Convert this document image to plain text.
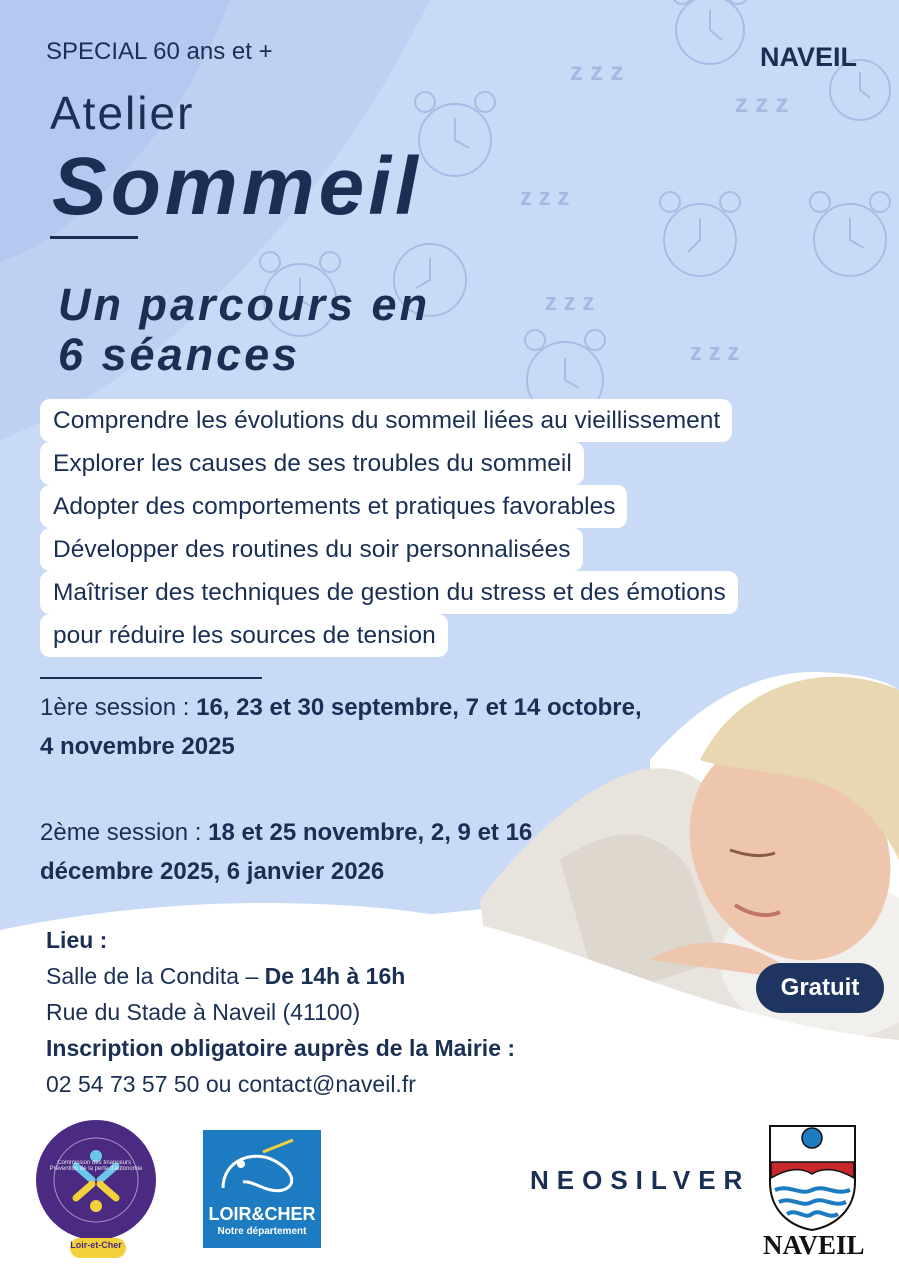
z z z
z z z
z z z
z z z
z z z
SPECIAL 60 ans et +	NAVEIL
Atelier
Sommeil
Un parcours en
6 séances
Comprendre les évolutions du sommeil liées au vieillissement
Explorer les causes de ses troubles du sommeil
Adopter des comportements et pratiques favorables
Développer des routines du soir personnalisées
Maîtriser des techniques de gestion du stress et des émotions
pour réduire les sources de tension
1ère session : 16, 23 et 30 septembre, 7 et 14 octobre, 4 novembre 2025
2ème session : 18 et 25 novembre, 2, 9 et 16 décembre 2025, 6 janvier 2026
Lieu :
Salle de la Condita – De 14h à 16h
Rue du Stade à Naveil (41100)
Inscription obligatoire auprès de la Mairie :
02 54 73 57 50 ou contact@naveil.fr
Gratuit
Loir-et-Cher
Commission des financeurs · Prévention de la perte d'autonomie
LOIR&CHER
Notre département
NEOSILVER
NAVEIL
